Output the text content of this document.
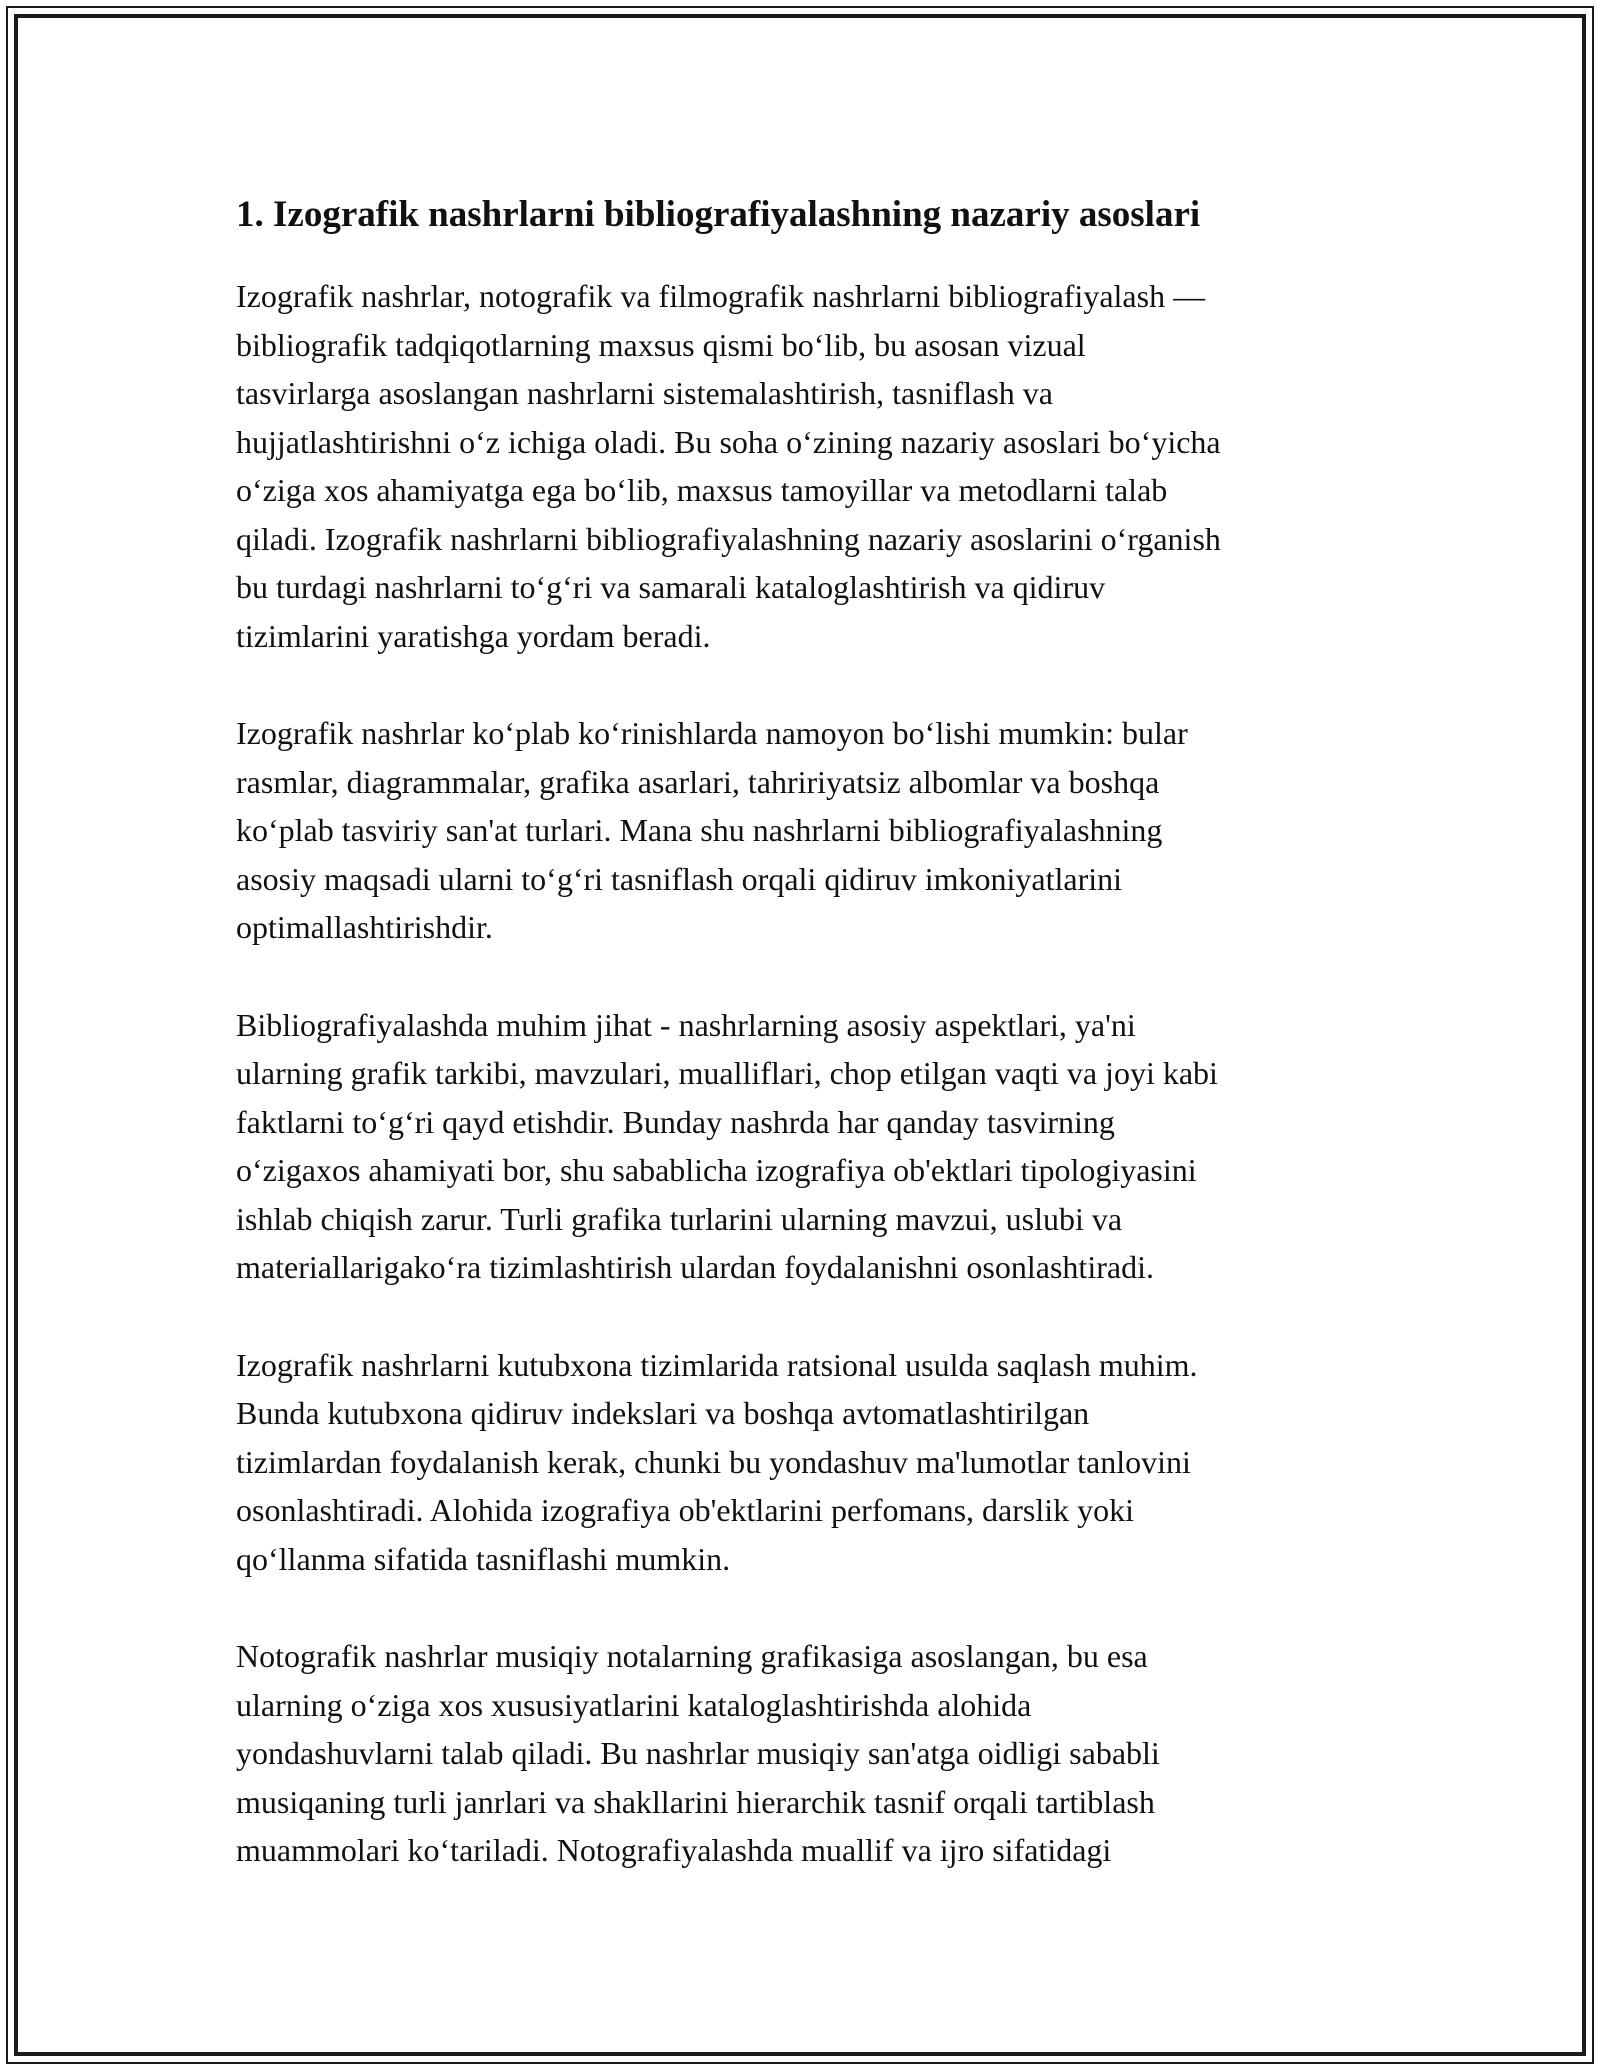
1. Izografik nashrlarni bibliografiyalashning nazariy asoslari

Izografik nashrlar, notografik va filmografik nashrlarni bibliografiyalash —
bibliografik tadqiqotlarning maxsus qismi bo‘lib, bu asosan vizual
tasvirlarga asoslangan nashrlarni sistemalashtirish, tasniflash va
hujjatlashtirishni o‘z ichiga oladi. Bu soha o‘zining nazariy asoslari bo‘yicha
o‘ziga xos ahamiyatga ega bo‘lib, maxsus tamoyillar va metodlarni talab
qiladi. Izografik nashrlarni bibliografiyalashning nazariy asoslarini o‘rganish
bu turdagi nashrlarni to‘g‘ri va samarali kataloglashtirish va qidiruv
tizimlarini yaratishga yordam beradi.

Izografik nashrlar ko‘plab ko‘rinishlarda namoyon bo‘lishi mumkin: bular
rasmlar, diagrammalar, grafika asarlari, tahririyatsiz albomlar va boshqa
ko‘plab tasviriy san'at turlari. Mana shu nashrlarni bibliografiyalashning
asosiy maqsadi ularni to‘g‘ri tasniflash orqali qidiruv imkoniyatlarini
optimallashtirishdir.

Bibliografiyalashda muhim jihat - nashrlarning asosiy aspektlari, ya'ni
ularning grafik tarkibi, mavzulari, mualliflari, chop etilgan vaqti va joyi kabi
faktlarni to‘g‘ri qayd etishdir. Bunday nashrda har qanday tasvirning
o‘zigaxos ahamiyati bor, shu sabablicha izografiya ob'ektlari tipologiyasini
ishlab chiqish zarur. Turli grafika turlarini ularning mavzui, uslubi va
materiallarigako‘ra tizimlashtirish ulardan foydalanishni osonlashtiradi.

Izografik nashrlarni kutubxona tizimlarida ratsional usulda saqlash muhim.
Bunda kutubxona qidiruv indekslari va boshqa avtomatlashtirilgan
tizimlardan foydalanish kerak, chunki bu yondashuv ma'lumotlar tanlovini
osonlashtiradi. Alohida izografiya ob'ektlarini perfomans, darslik yoki
qo‘llanma sifatida tasniflashi mumkin.

Notografik nashrlar musiqiy notalarning grafikasiga asoslangan, bu esa
ularning o‘ziga xos xususiyatlarini kataloglashtirishda alohida
yondashuvlarni talab qiladi. Bu nashrlar musiqiy san'atga oidligi sababli
musiqaning turli janrlari va shakllarini hierarchik tasnif orqali tartiblash
muammolari ko‘tariladi. Notografiyalashda muallif va ijro sifatidagi
